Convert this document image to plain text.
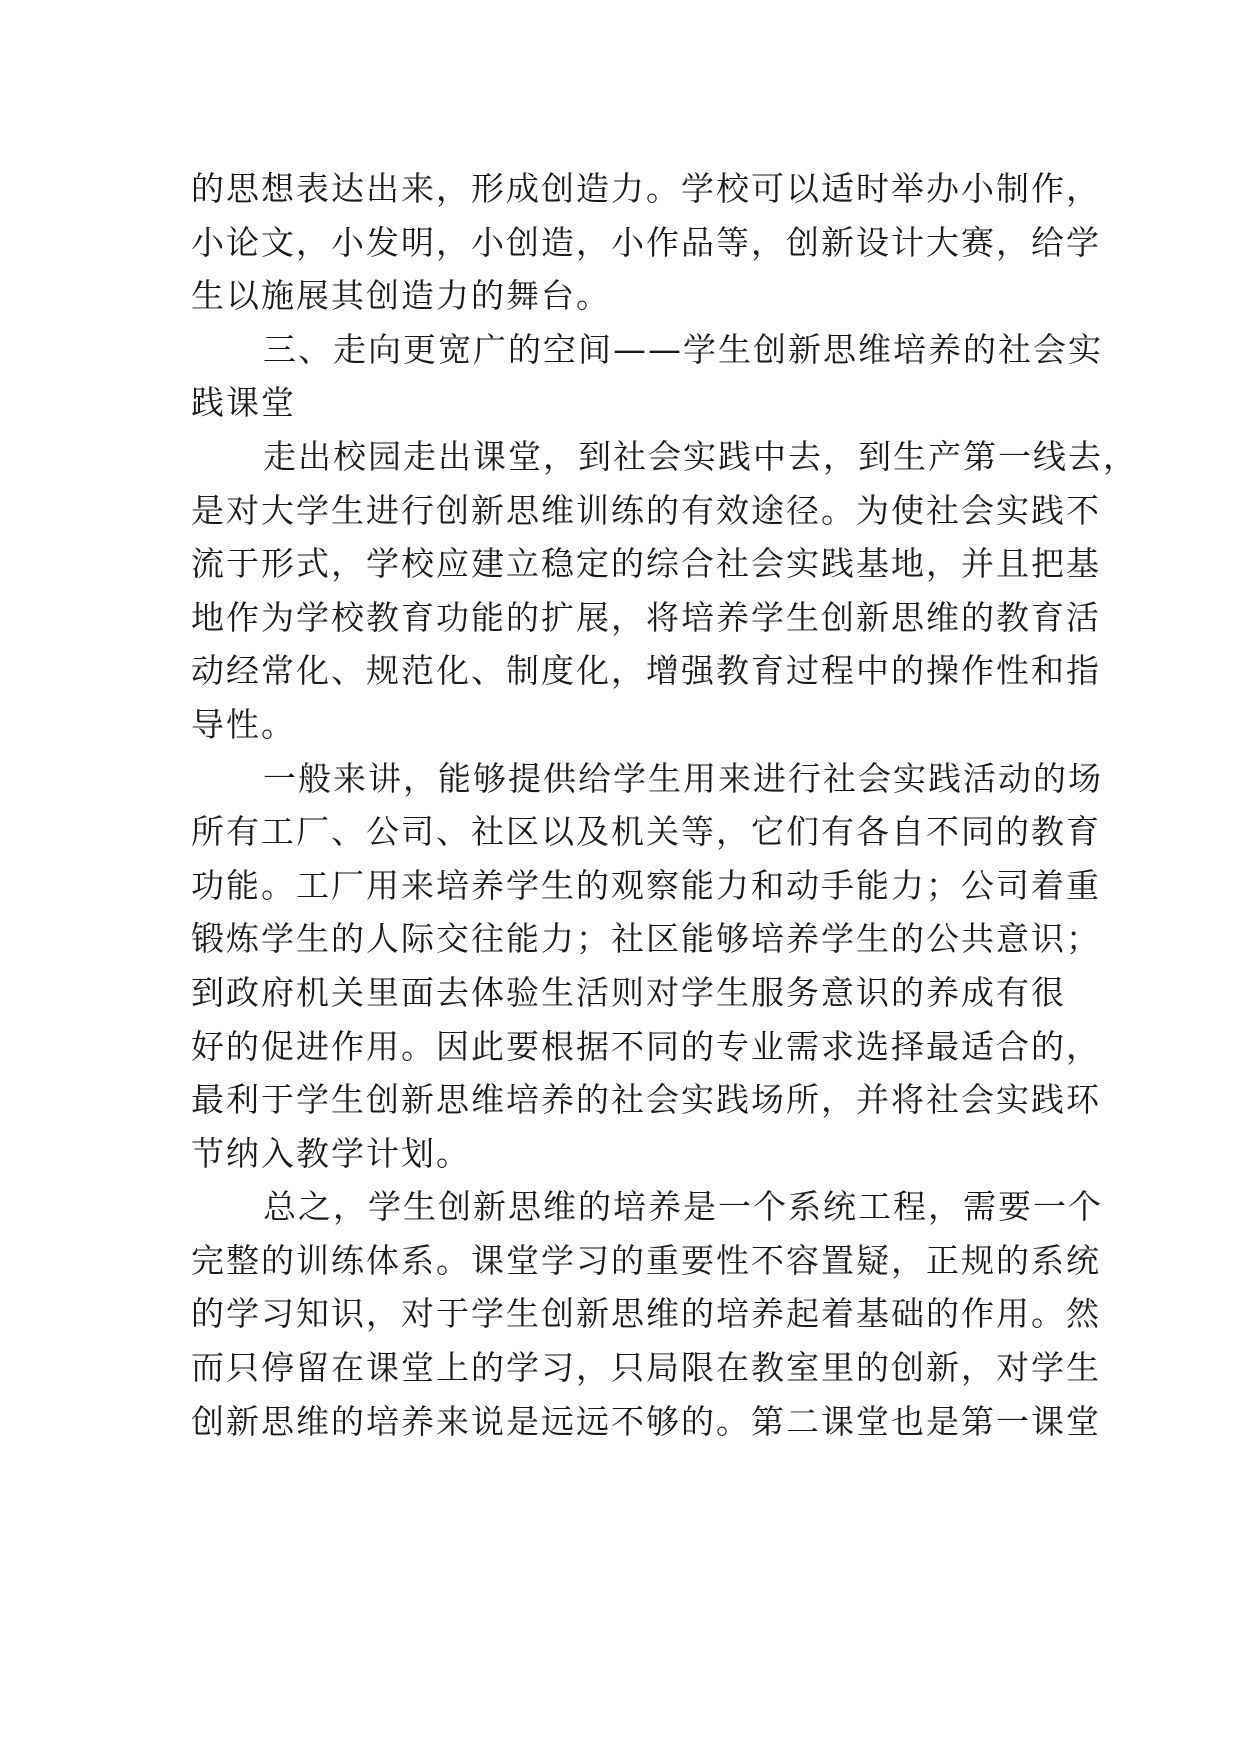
的思想表达出来，形成创造力。学校可以适时举办小制作，
小论文，小发明，小创造，小作品等，创新设计大赛，给学
生以施展其创造力的舞台。
三、走向更宽广的空间——学生创新思维培养的社会实
践课堂
走出校园走出课堂，到社会实践中去，到生产第一线去，
是对大学生进行创新思维训练的有效途径。为使社会实践不
流于形式，学校应建立稳定的综合社会实践基地，并且把基
地作为学校教育功能的扩展，将培养学生创新思维的教育活
动经常化、规范化、制度化，增强教育过程中的操作性和指
导性。
一般来讲，能够提供给学生用来进行社会实践活动的场
所有工厂、公司、社区以及机关等，它们有各自不同的教育
功能。工厂用来培养学生的观察能力和动手能力；公司着重
锻炼学生的人际交往能力；社区能够培养学生的公共意识；
到政府机关里面去体验生活则对学生服务意识的养成有很
好的促进作用。因此要根据不同的专业需求选择最适合的，
最利于学生创新思维培养的社会实践场所，并将社会实践环
节纳入教学计划。
总之，学生创新思维的培养是一个系统工程，需要一个
完整的训练体系。课堂学习的重要性不容置疑，正规的系统
的学习知识，对于学生创新思维的培养起着基础的作用。然
而只停留在课堂上的学习，只局限在教室里的创新，对学生
创新思维的培养来说是远远不够的。第二课堂也是第一课堂
